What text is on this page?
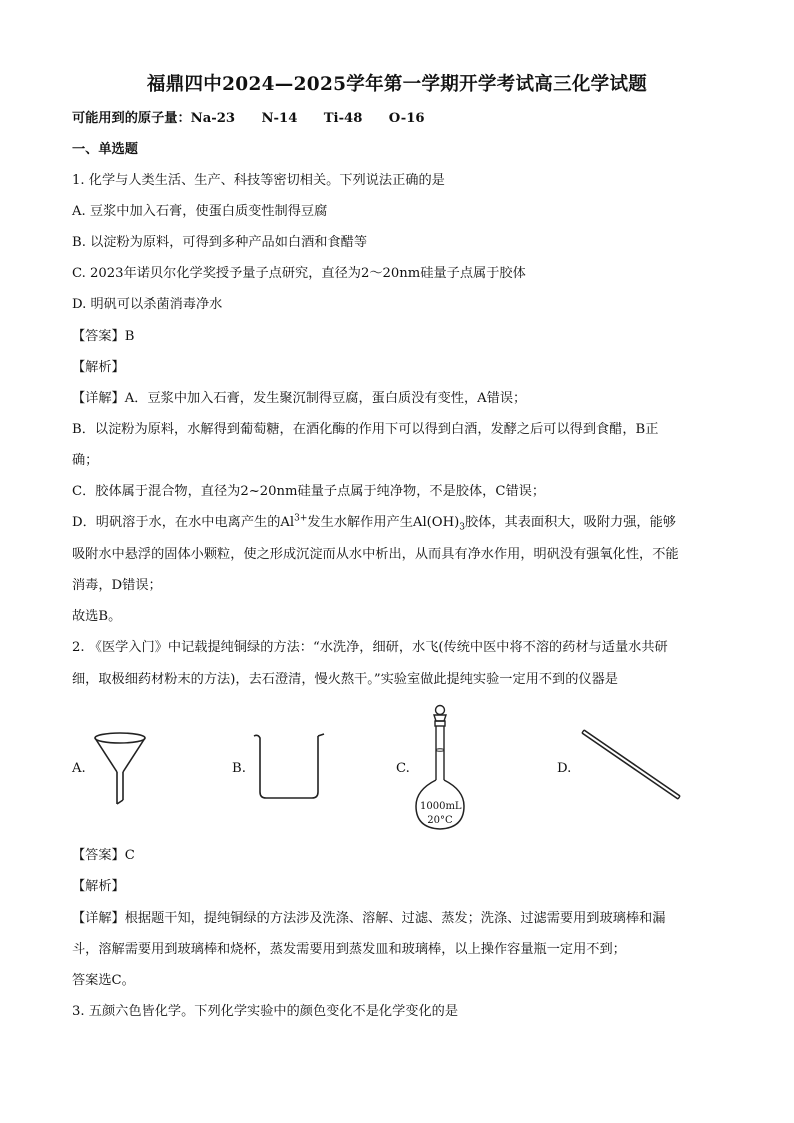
福鼎四中2024—2025学年第一学期开学考试高三化学试题
可能用到的原子量：Na-23　　N-14　　Ti-48　　O-16
一、单选题
1. 化学与人类生活、生产、科技等密切相关。下列说法正确的是
A. 豆浆中加入石膏，使蛋白质变性制得豆腐
B. 以淀粉为原料，可得到多种产品如白酒和食醋等
C. 2023年诺贝尔化学奖授予量子点研究，直径为2～20nm硅量子点属于胶体
D. 明矾可以杀菌消毒净水
【答案】B
【解析】
【详解】A．豆浆中加入石膏，发生聚沉制得豆腐，蛋白质没有变性，A错误；
B．以淀粉为原料，水解得到葡萄糖，在酒化酶的作用下可以得到白酒，发酵之后可以得到食醋，B正
确；
C．胶体属于混合物，直径为2~20nm硅量子点属于纯净物，不是胶体，C错误；
D．明矾溶于水，在水中电离产生的$Al^{3+}$发生水解作用产生$Al(OH)_3$胶体，其表面积大，吸附力强，能够
吸附水中悬浮的固体小颗粒，使之形成沉淀而从水中析出，从而具有净水作用，明矾没有强氧化性，不能
消毒，D错误；
故选B。
2. 《医学入门》中记载提纯铜绿的方法：“水洗净，细研，水飞(传统中医中将不溶的药材与适量水共研
细，取极细药材粉末的方法)，去石澄清，慢火熬干。”实验室做此提纯实验一定用不到的仪器是
A.	B.	C.
1000mL
20°C
D.
【答案】C
【解析】
【详解】根据题干知，提纯铜绿的方法涉及洗涤、溶解、过滤、蒸发；洗涤、过滤需要用到玻璃棒和漏
斗，溶解需要用到玻璃棒和烧杯，蒸发需要用到蒸发皿和玻璃棒，以上操作容量瓶一定用不到；
答案选C。
3. 五颜六色皆化学。下列化学实验中的颜色变化不是化学变化的是
